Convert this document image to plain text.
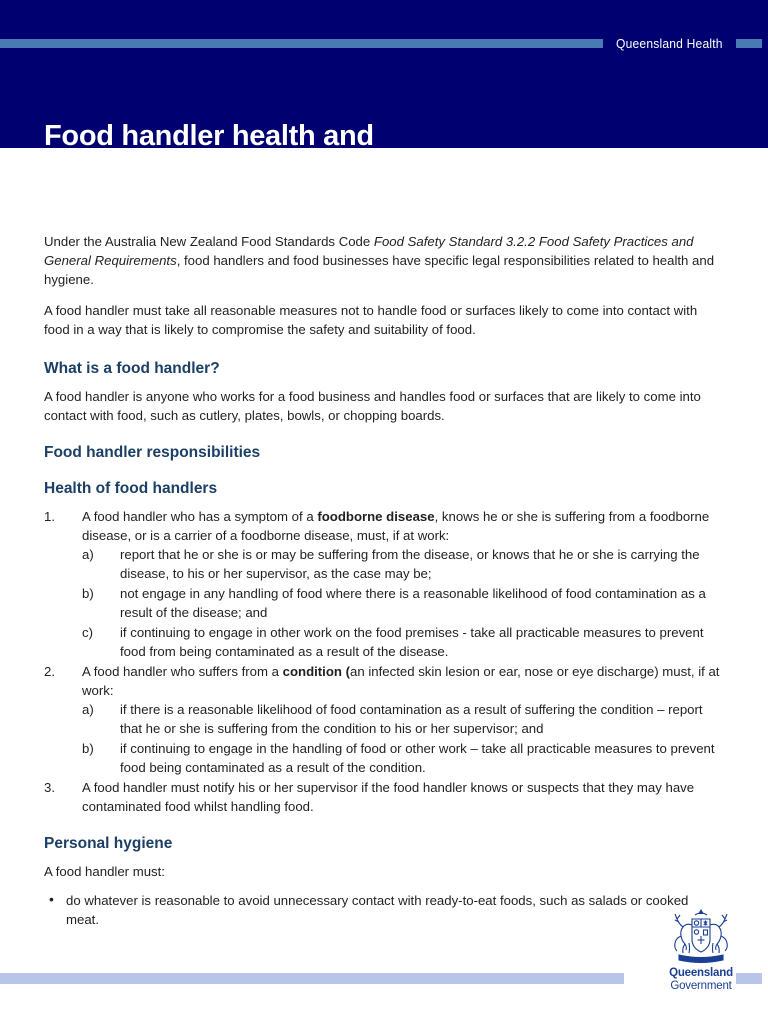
Queensland Health
Food handler health and

Under the Australia New Zealand Food Standards Code Food Safety Standard 3.2.2 Food Safety Practices and General Requirements, food handlers and food businesses have specific legal responsibilities related to health and hygiene.

A food handler must take all reasonable measures not to handle food or surfaces likely to come into contact with food in a way that is likely to compromise the safety and suitability of food.

What is a food handler?

A food handler is anyone who works for a food business and handles food or surfaces that are likely to come into contact with food, such as cutlery, plates, bowls, or chopping boards.

Food handler responsibilities
Health of food handlers
1.	A food handler who has a symptom of a foodborne disease, knows he or she is suffering from a foodborne disease, or is a carrier of a foodborne disease, must, if at work:
a)	report that he or she is or may be suffering from the disease, or knows that he or she is carrying the disease, to his or her supervisor, as the case may be;
b)	not engage in any handling of food where there is a reasonable likelihood of food contamination as a result of the disease; and
c)	if continuing to engage in other work on the food premises - take all practicable measures to prevent food from being contaminated as a result of the disease.
2.	A food handler who suffers from a condition (an infected skin lesion or ear, nose or eye discharge) must, if at work:
a)	if there is a reasonable likelihood of food contamination as a result of suffering the condition – report that he or she is suffering from the condition to his or her supervisor; and
b)	if continuing to engage in the handling of food or other work – take all practicable measures to prevent food being contaminated as a result of the condition.
3.	A food handler must notify his or her supervisor if the food handler knows or suspects that they may have contaminated food whilst handling food.
Personal hygiene

A food handler must:

• do whatever is reasonable to avoid unnecessary contact with ready-to-eat foods, such as salads or cooked meat.
Queensland
Government
